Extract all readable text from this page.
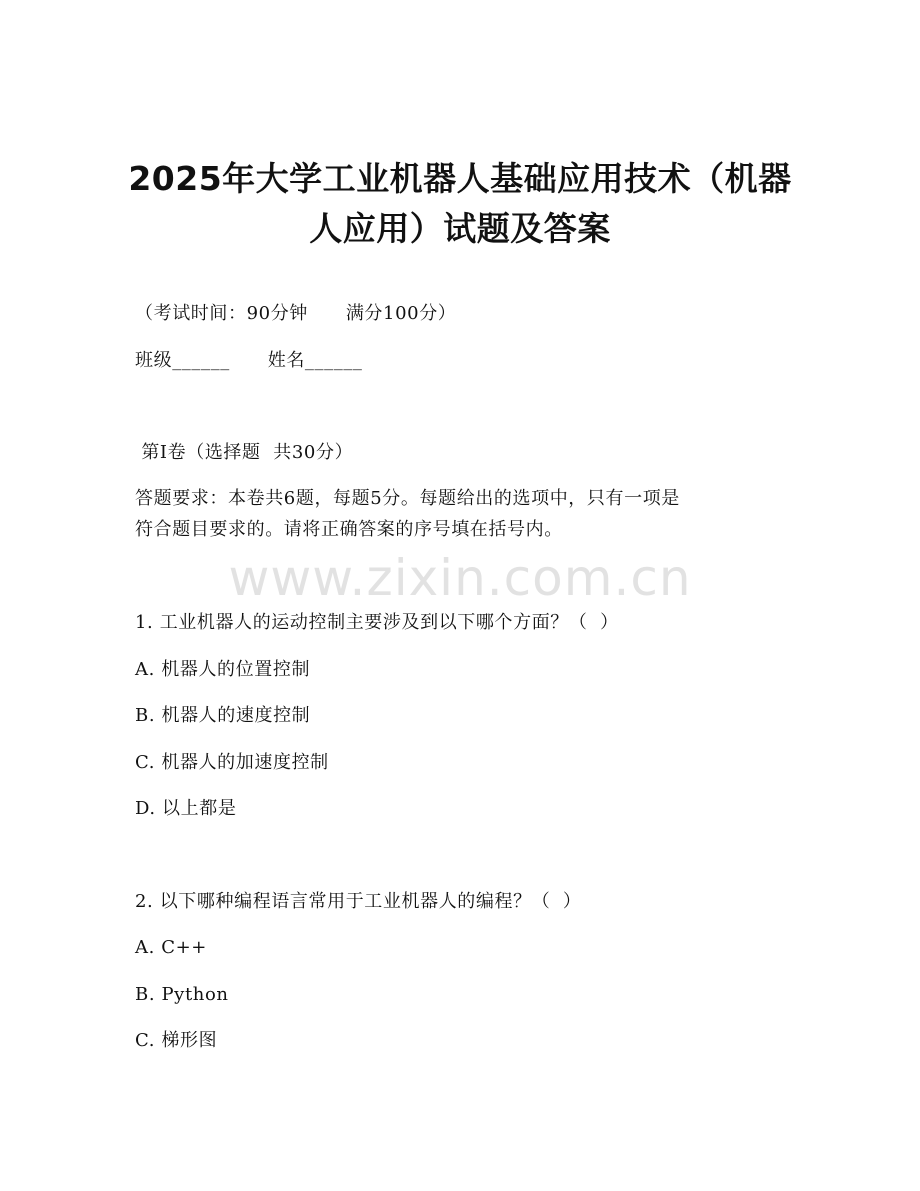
2025年大学工业机器人基础应用技术（机器
人应用）试题及答案
（考试时间：90分钟      满分100分）
班级______      姓名______
第I卷（选择题  共30分）
答题要求：本卷共6题，每题5分。每题给出的选项中，只有一项是
符合题目要求的。请将正确答案的序号填在括号内。
www.zixin.com.cn
1. 工业机器人的运动控制主要涉及到以下哪个方面？（  ）
A. 机器人的位置控制
B. 机器人的速度控制
C. 机器人的加速度控制
D. 以上都是
2. 以下哪种编程语言常用于工业机器人的编程？（  ）
A. C++
B. Python
C. 梯形图
